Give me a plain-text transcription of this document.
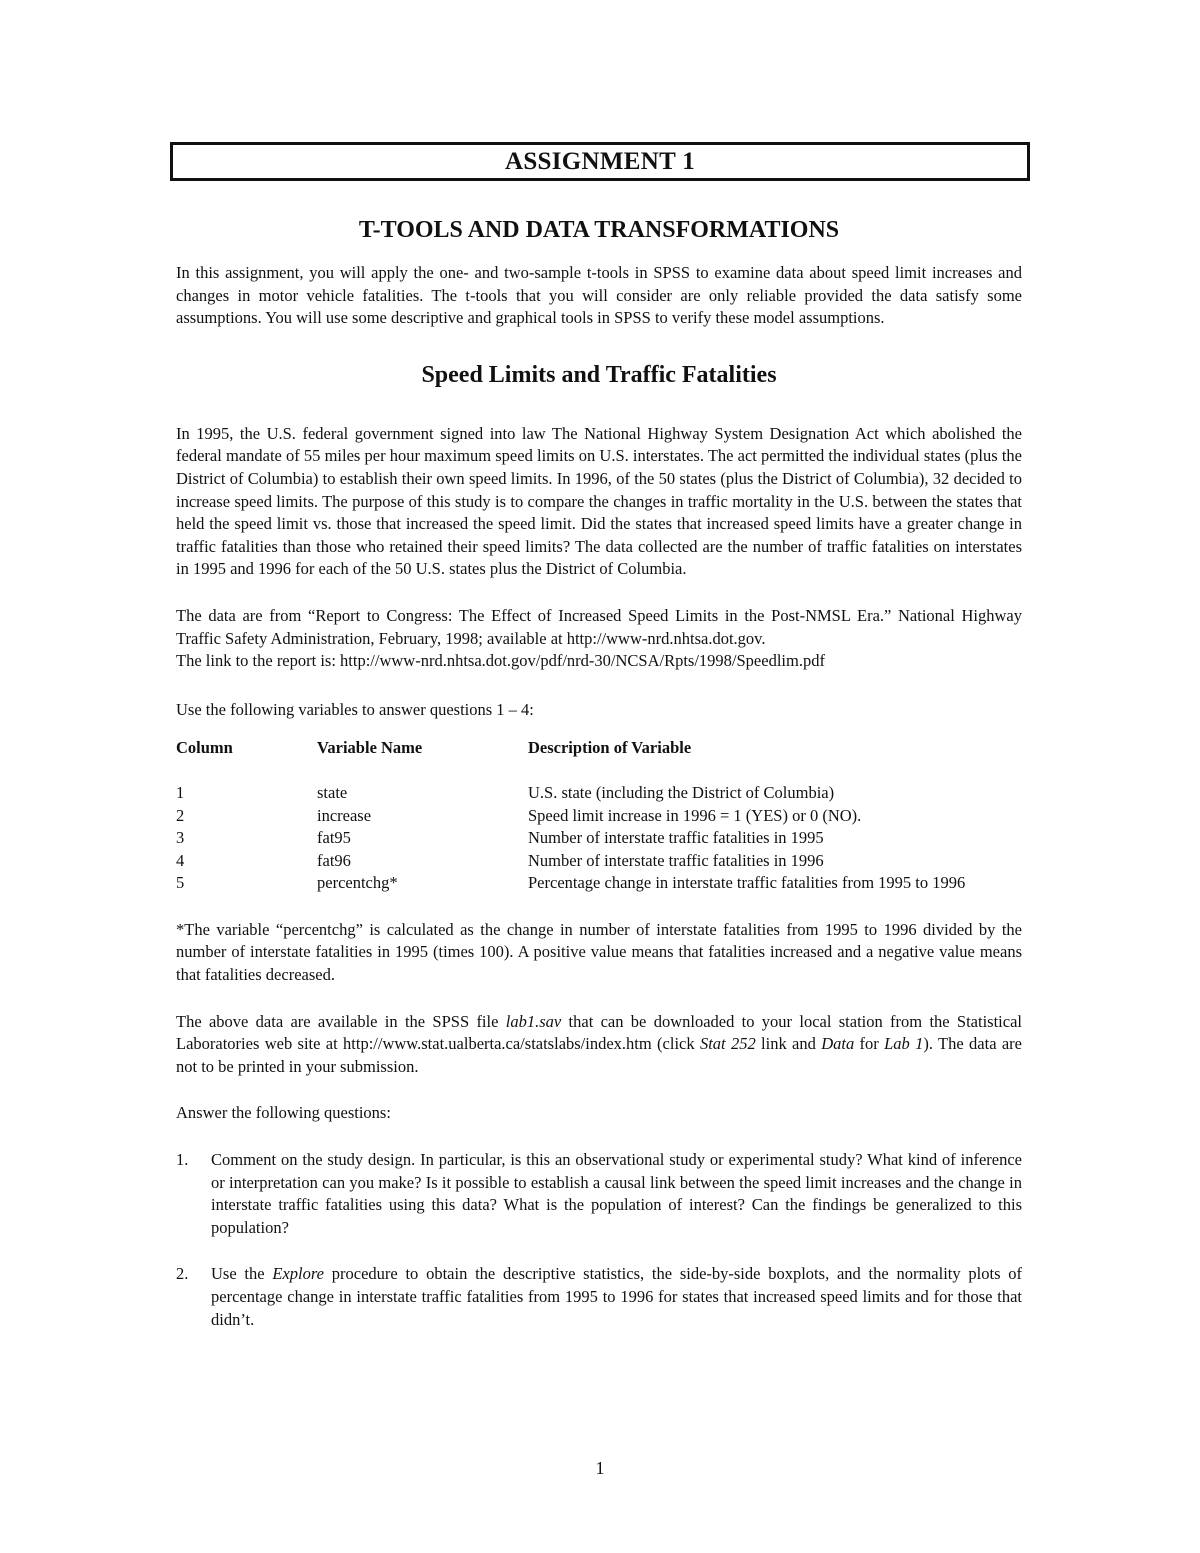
ASSIGNMENT 1
T-TOOLS AND DATA TRANSFORMATIONS

In this assignment, you will apply the one- and two-sample t-tools in SPSS to examine data about speed limit increases and changes in motor vehicle fatalities. The t-tools that you will consider are only reliable provided the data satisfy some assumptions. You will use some descriptive and graphical tools in SPSS to verify these model assumptions.

Speed Limits and Traffic Fatalities

In 1995, the U.S. federal government signed into law The National Highway System Designation Act which abolished the federal mandate of 55 miles per hour maximum speed limits on U.S. interstates. The act permitted the individual states (plus the District of Columbia) to establish their own speed limits. In 1996, of the 50 states (plus the District of Columbia), 32 decided to increase speed limits. The purpose of this study is to compare the changes in traffic mortality in the U.S. between the states that held the speed limit vs. those that increased the speed limit. Did the states that increased speed limits have a greater change in traffic fatalities than those who retained their speed limits? The data collected are the number of traffic fatalities on interstates in 1995 and 1996 for each of the 50 U.S. states plus the District of Columbia.

The data are from “Report to Congress: The Effect of Increased Speed Limits in the Post-NMSL Era.” National Highway Traffic Safety Administration, February, 1998; available at http://www-nrd.nhtsa.dot.gov.
The link to the report is: http://www-nrd.nhtsa.dot.gov/pdf/nrd-30/NCSA/Rpts/1998/Speedlim.pdf

Use the following variables to answer questions 1 – 4:

Column	Variable Name	Description of Variable
1	state	U.S. state (including the District of Columbia)
2	increase	Speed limit increase in 1996 = 1 (YES) or 0 (NO).
3	fat95	Number of interstate traffic fatalities in 1995
4	fat96	Number of interstate traffic fatalities in 1996
5	percentchg*	Percentage change in interstate traffic fatalities from 1995 to 1996

*The variable “percentchg” is calculated as the change in number of interstate fatalities from 1995 to 1996 divided by the number of interstate fatalities in 1995 (times 100). A positive value means that fatalities increased and a negative value means that fatalities decreased.

The above data are available in the SPSS file lab1.sav that can be downloaded to your local station from the Statistical Laboratories web site at http://www.stat.ualberta.ca/statslabs/index.htm (click Stat 252 link and Data for Lab 1). The data are not to be printed in your submission.

Answer the following questions:

1.	Comment on the study design. In particular, is this an observational study or experimental study? What kind of inference or interpretation can you make? Is it possible to establish a causal link between the speed limit increases and the change in interstate traffic fatalities using this data? What is the population of interest? Can the findings be generalized to this population?
2.	Use the Explore procedure to obtain the descriptive statistics, the side-by-side boxplots, and the normality plots of percentage change in interstate traffic fatalities from 1995 to 1996 for states that increased speed limits and for those that didn’t.
1
